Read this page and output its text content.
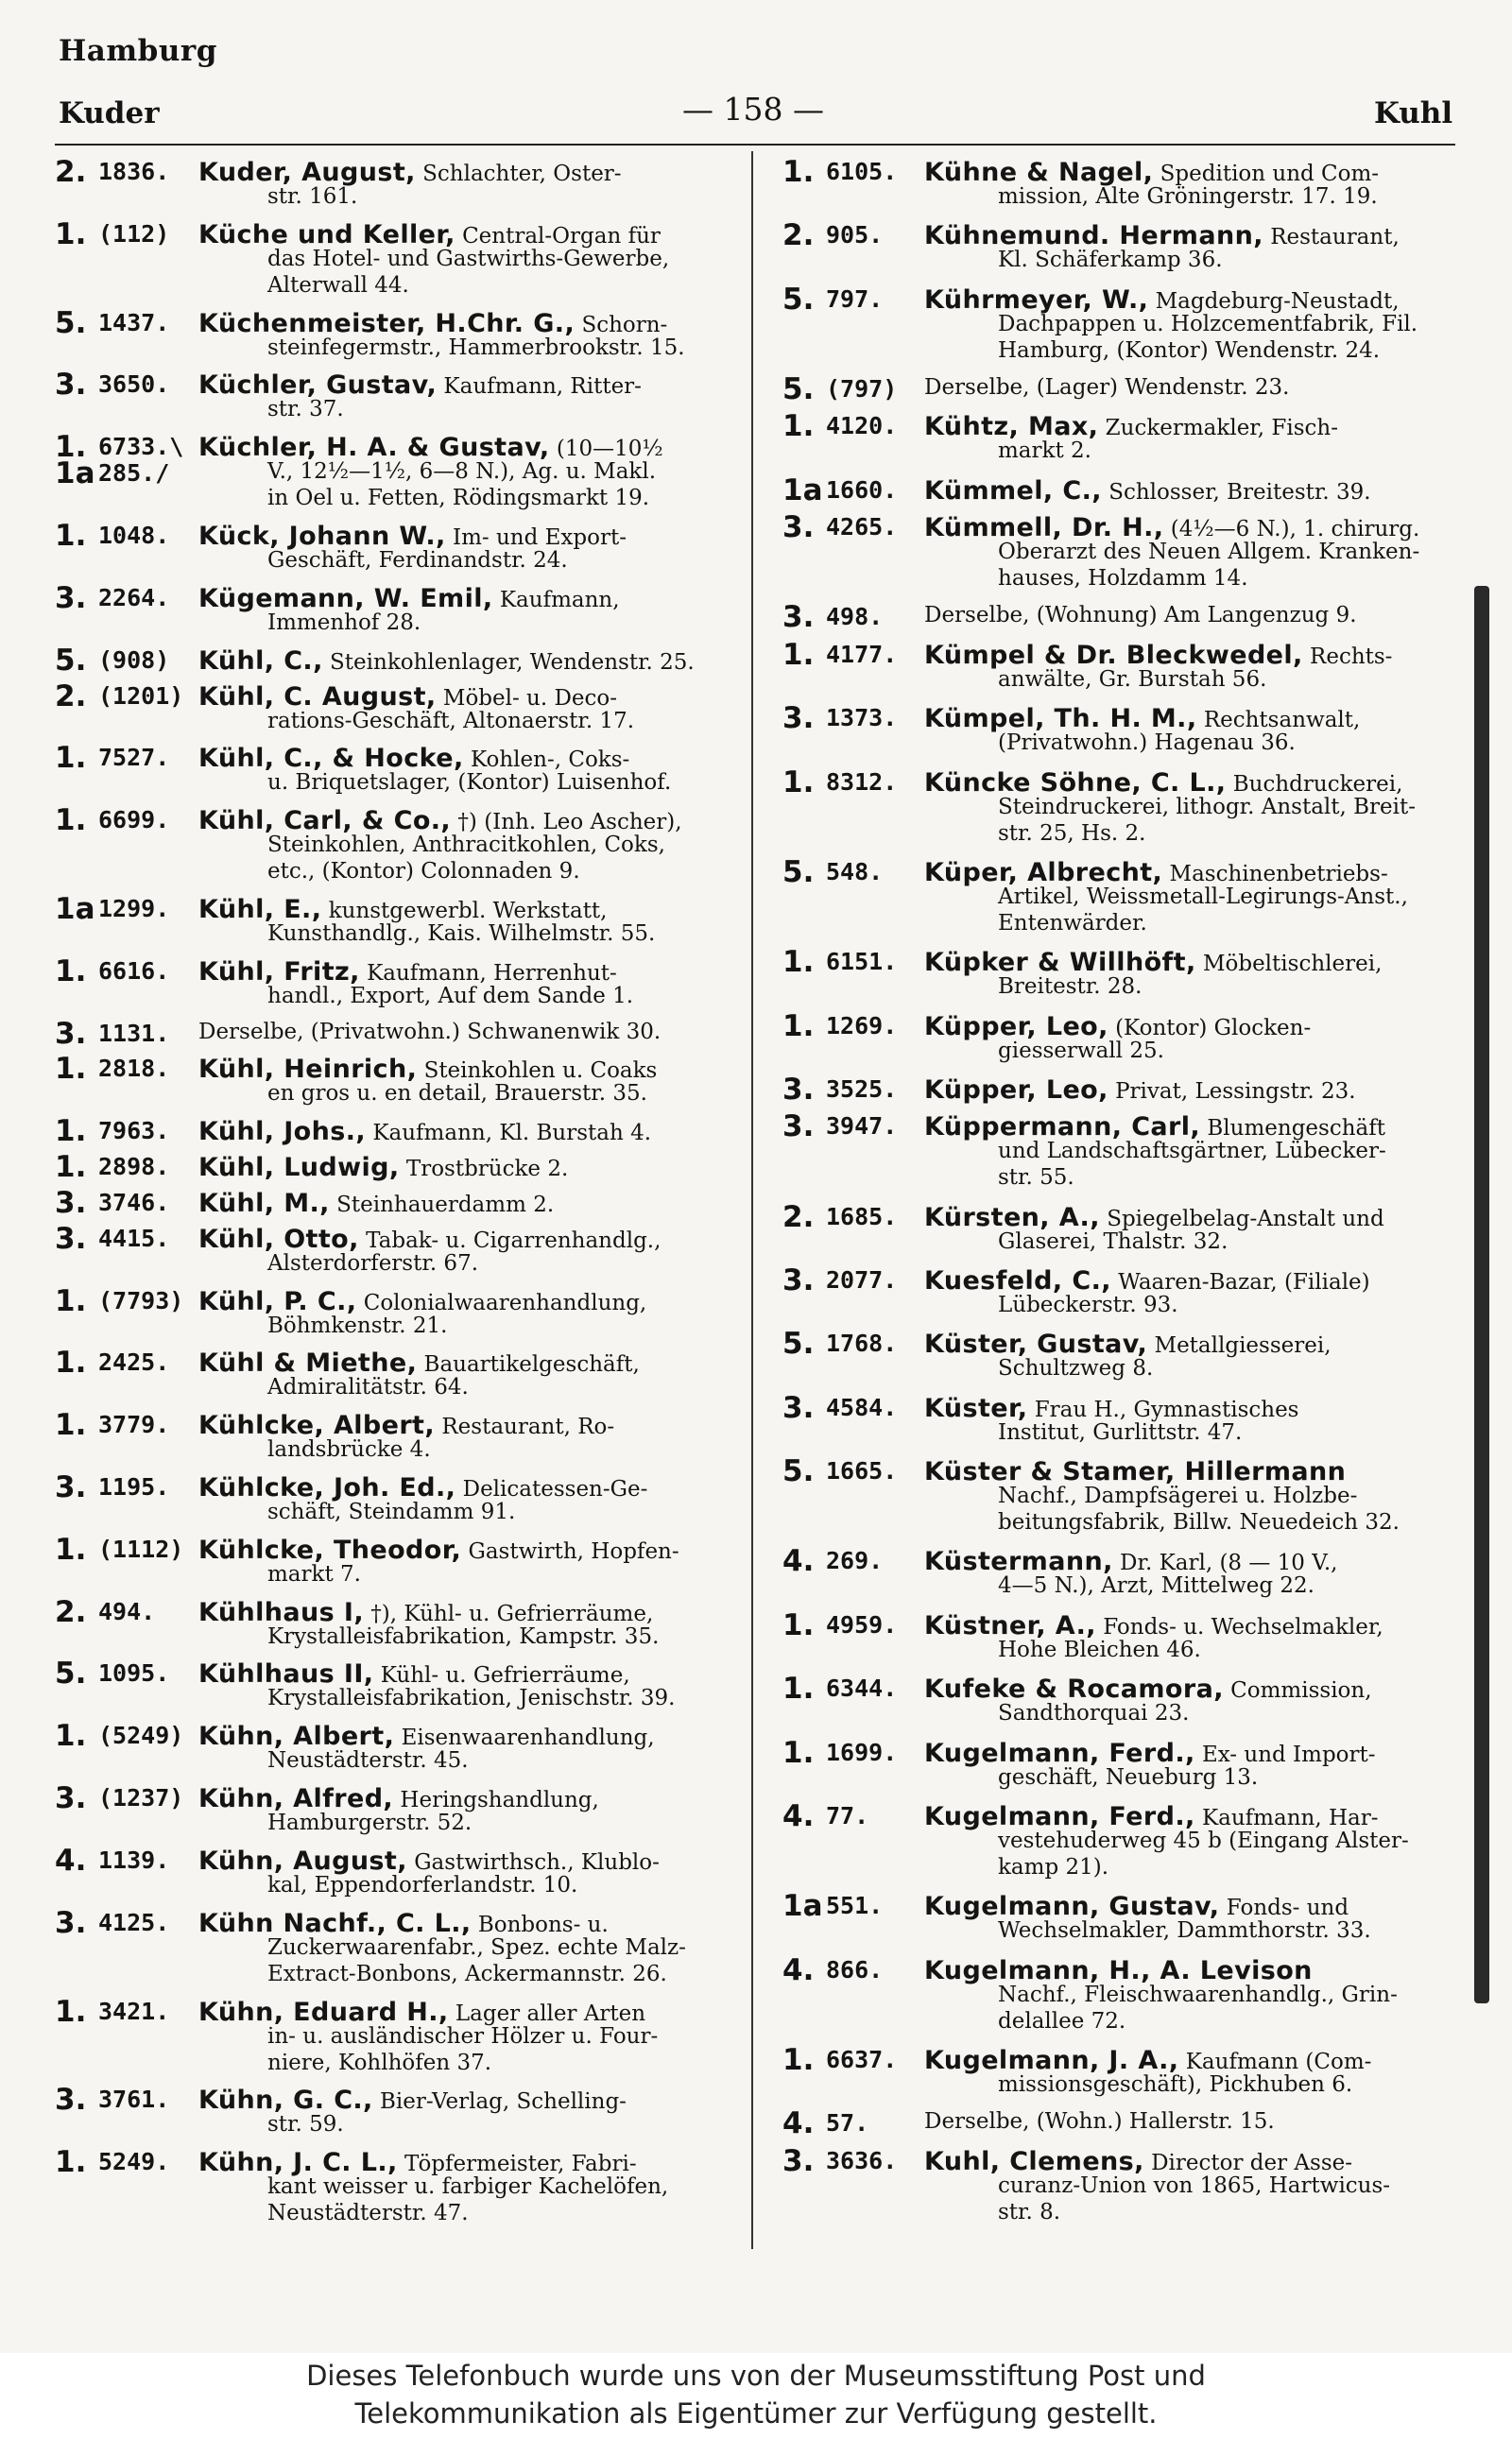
Hamburg
Kuder	— 158 —	Kuhl
2. 1836. Kuder, August, Schlachter, Oster-
str. 161.
1. (112) Küche und Keller, Central-Organ für
das Hotel- und Gastwirths-Gewerbe,
Alterwall 44.
5. 1437. Küchenmeister, H.Chr. G., Schorn-
steinfegermstr., Hammerbrookstr. 15.
3. 3650. Küchler, Gustav, Kaufmann, Ritter-
str. 37.
1. 6733.\ Küchler, H. A. & Gustav, (10—10½
1a 285./	V., 12½—1½, 6—8 N.), Ag. u. Makl.
in Oel u. Fetten, Rödingsmarkt 19.
1. 1048. Kück, Johann W., Im- und Export-
Geschäft, Ferdinandstr. 24.
3. 2264. Kügemann, W. Emil, Kaufmann,
Immenhof 28.
5. (908) Kühl, C., Steinkohlenlager, Wendenstr. 25.
2. (1201) Kühl, C. August, Möbel- u. Deco-
rations-Geschäft, Altonaerstr. 17.
1. 7527. Kühl, C., & Hocke, Kohlen-, Coks-
u. Briquetslager, (Kontor) Luisenhof.
1. 6699. Kühl, Carl, & Co., †) (Inh. Leo Ascher),
Steinkohlen, Anthracitkohlen, Coks,
etc., (Kontor) Colonnaden 9.
1a 1299. Kühl, E., kunstgewerbl. Werkstatt,
Kunsthandlg., Kais. Wilhelmstr. 55.
1. 6616. Kühl, Fritz, Kaufmann, Herrenhut-
handl., Export, Auf dem Sande 1.
3. 1131. Derselbe, (Privatwohn.) Schwanenwik 30.
1. 2818. Kühl, Heinrich, Steinkohlen u. Coaks
en gros u. en detail, Brauerstr. 35.
1. 7963. Kühl, Johs., Kaufmann, Kl. Burstah 4.
1. 2898. Kühl, Ludwig, Trostbrücke 2.
3. 3746. Kühl, M., Steinhauerdamm 2.
3. 4415. Kühl, Otto, Tabak- u. Cigarrenhandlg.,
Alsterdorferstr. 67.
1. (7793) Kühl, P. C., Colonialwaarenhandlung,
Böhmkenstr. 21.
1. 2425. Kühl & Miethe, Bauartikelgeschäft,
Admiralitätstr. 64.
1. 3779. Kühlcke, Albert, Restaurant, Ro-
landsbrücke 4.
3. 1195. Kühlcke, Joh. Ed., Delicatessen-Ge-
schäft, Steindamm 91.
1. (1112) Kühlcke, Theodor, Gastwirth, Hopfen-
markt 7.
2. 494. Kühlhaus I, †), Kühl- u. Gefrierräume,
Krystalleisfabrikation, Kampstr. 35.
5. 1095. Kühlhaus II, Kühl- u. Gefrierräume,
Krystalleisfabrikation, Jenischstr. 39.
1. (5249) Kühn, Albert, Eisenwaarenhandlung,
Neustädterstr. 45.
3. (1237) Kühn, Alfred, Heringshandlung,
Hamburgerstr. 52.
4. 1139. Kühn, August, Gastwirthsch., Klublo-
kal, Eppendorferlandstr. 10.
3. 4125. Kühn Nachf., C. L., Bonbons- u.
Zuckerwaarenfabr., Spez. echte Malz-
Extract-Bonbons, Ackermannstr. 26.
1. 3421. Kühn, Eduard H., Lager aller Arten
in- u. ausländischer Hölzer u. Four-
niere, Kohlhöfen 37.
3. 3761. Kühn, G. C., Bier-Verlag, Schelling-
str. 59.
1. 5249. Kühn, J. C. L., Töpfermeister, Fabri-
kant weisser u. farbiger Kachelöfen,
Neustädterstr. 47.
1. 6105. Kühne & Nagel, Spedition und Com-
mission, Alte Gröningerstr. 17. 19.
2. 905. Kühnemund. Hermann, Restaurant,
Kl. Schäferkamp 36.
5. 797. Kührmeyer, W., Magdeburg-Neustadt,
Dachpappen u. Holzcementfabrik, Fil.
Hamburg, (Kontor) Wendenstr. 24.
5. (797) Derselbe, (Lager) Wendenstr. 23.
1. 4120. Kühtz, Max, Zuckermakler, Fisch-
markt 2.
1a 1660. Kümmel, C., Schlosser, Breitestr. 39.
3. 4265. Kümmell, Dr. H., (4½—6 N.), 1. chirurg.
Oberarzt des Neuen Allgem. Kranken-
hauses, Holzdamm 14.
3. 498. Derselbe, (Wohnung) Am Langenzug 9.
1. 4177. Kümpel & Dr. Bleckwedel, Rechts-
anwälte, Gr. Burstah 56.
3. 1373. Kümpel, Th. H. M., Rechtsanwalt,
(Privatwohn.) Hagenau 36.
1. 8312. Küncke Söhne, C. L., Buchdruckerei,
Steindruckerei, lithogr. Anstalt, Breit-
str. 25, Hs. 2.
5. 548. Küper, Albrecht, Maschinenbetriebs-
Artikel, Weissmetall-Legirungs-Anst.,
Entenwärder.
1. 6151. Küpker & Willhöft, Möbeltischlerei,
Breitestr. 28.
1. 1269. Küpper, Leo, (Kontor) Glocken-
giesserwall 25.
3. 3525. Küpper, Leo, Privat, Lessingstr. 23.
3. 3947. Küppermann, Carl, Blumengeschäft
und Landschaftsgärtner, Lübecker-
str. 55.
2. 1685. Kürsten, A., Spiegelbelag-Anstalt und
Glaserei, Thalstr. 32.
3. 2077. Kuesfeld, C., Waaren-Bazar, (Filiale)
Lübeckerstr. 93.
5. 1768. Küster, Gustav, Metallgiesserei,
Schultzweg 8.
3. 4584. Küster, Frau H., Gymnastisches
Institut, Gurlittstr. 47.
5. 1665. Küster & Stamer, Hillermann
Nachf., Dampfsägerei u. Holzbe-
beitungsfabrik, Billw. Neuedeich 32.
4. 269. Küstermann, Dr. Karl, (8 — 10 V.,
4—5 N.), Arzt, Mittelweg 22.
1. 4959. Küstner, A., Fonds- u. Wechselmakler,
Hohe Bleichen 46.
1. 6344. Kufeke & Rocamora, Commission,
Sandthorquai 23.
1. 1699. Kugelmann, Ferd., Ex- und Import-
geschäft, Neueburg 13.
4. 77. Kugelmann, Ferd., Kaufmann, Har-
vestehuderweg 45 b (Eingang Alster-
kamp 21).
1a 551. Kugelmann, Gustav, Fonds- und
Wechselmakler, Dammthorstr. 33.
4. 866. Kugelmann, H., A. Levison
Nachf., Fleischwaarenhandlg., Grin-
delallee 72.
1. 6637. Kugelmann, J. A., Kaufmann (Com-
missionsgeschäft), Pickhuben 6.
4. 57.	Derselbe, (Wohn.) Hallerstr. 15.
3. 3636. Kuhl, Clemens, Director der Asse-
curanz-Union von 1865, Hartwicus-
str. 8.
Dieses Telefonbuch wurde uns von der Museumsstiftung Post und
Telekommunikation als Eigentümer zur Verfügung gestellt.
